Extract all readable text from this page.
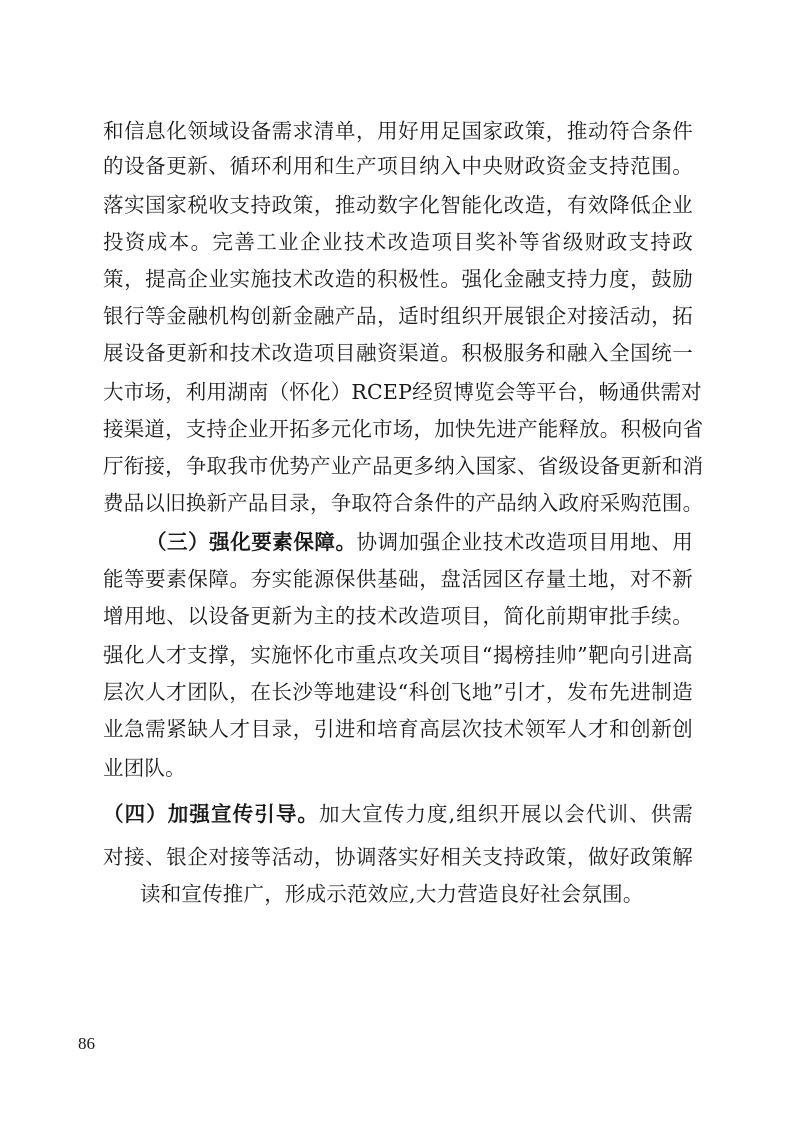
和信息化领域设备需求清单，用好用足国家政策，推动符合条件
的设备更新、循环利用和生产项目纳入中央财政资金支持范围。
落实国家税收支持政策，推动数字化智能化改造，有效降低企业
投资成本。完善工业企业技术改造项目奖补等省级财政支持政
策，提高企业实施技术改造的积极性。强化金融支持力度，鼓励
银行等金融机构创新金融产品，适时组织开展银企对接活动，拓
展设备更新和技术改造项目融资渠道。积极服务和融入全国统一
大市场，利用湖南（怀化）RCEP经贸博览会等平台，畅通供需对
接渠道，支持企业开拓多元化市场，加快先进产能释放。积极向省
厅衔接，争取我市优势产业产品更多纳入国家、省级设备更新和消
费品以旧换新产品目录，争取符合条件的产品纳入政府采购范围。
（三）强化要素保障。协调加强企业技术改造项目用地、用
能等要素保障。夯实能源保供基础，盘活园区存量土地，对不新
增用地、以设备更新为主的技术改造项目，简化前期审批手续。
强化人才支撑，实施怀化市重点攻关项目“揭榜挂帅”靶向引进高
层次人才团队，在长沙等地建设“科创飞地”引才，发布先进制造
业急需紧缺人才目录，引进和培育高层次技术领军人才和创新创
业团队。
（四）加强宣传引导。加大宣传力度,组织开展以会代训、供需
对接、银企对接等活动，协调落实好相关支持政策，做好政策解
读和宣传推广，形成示范效应,大力营造良好社会氛围。
86
